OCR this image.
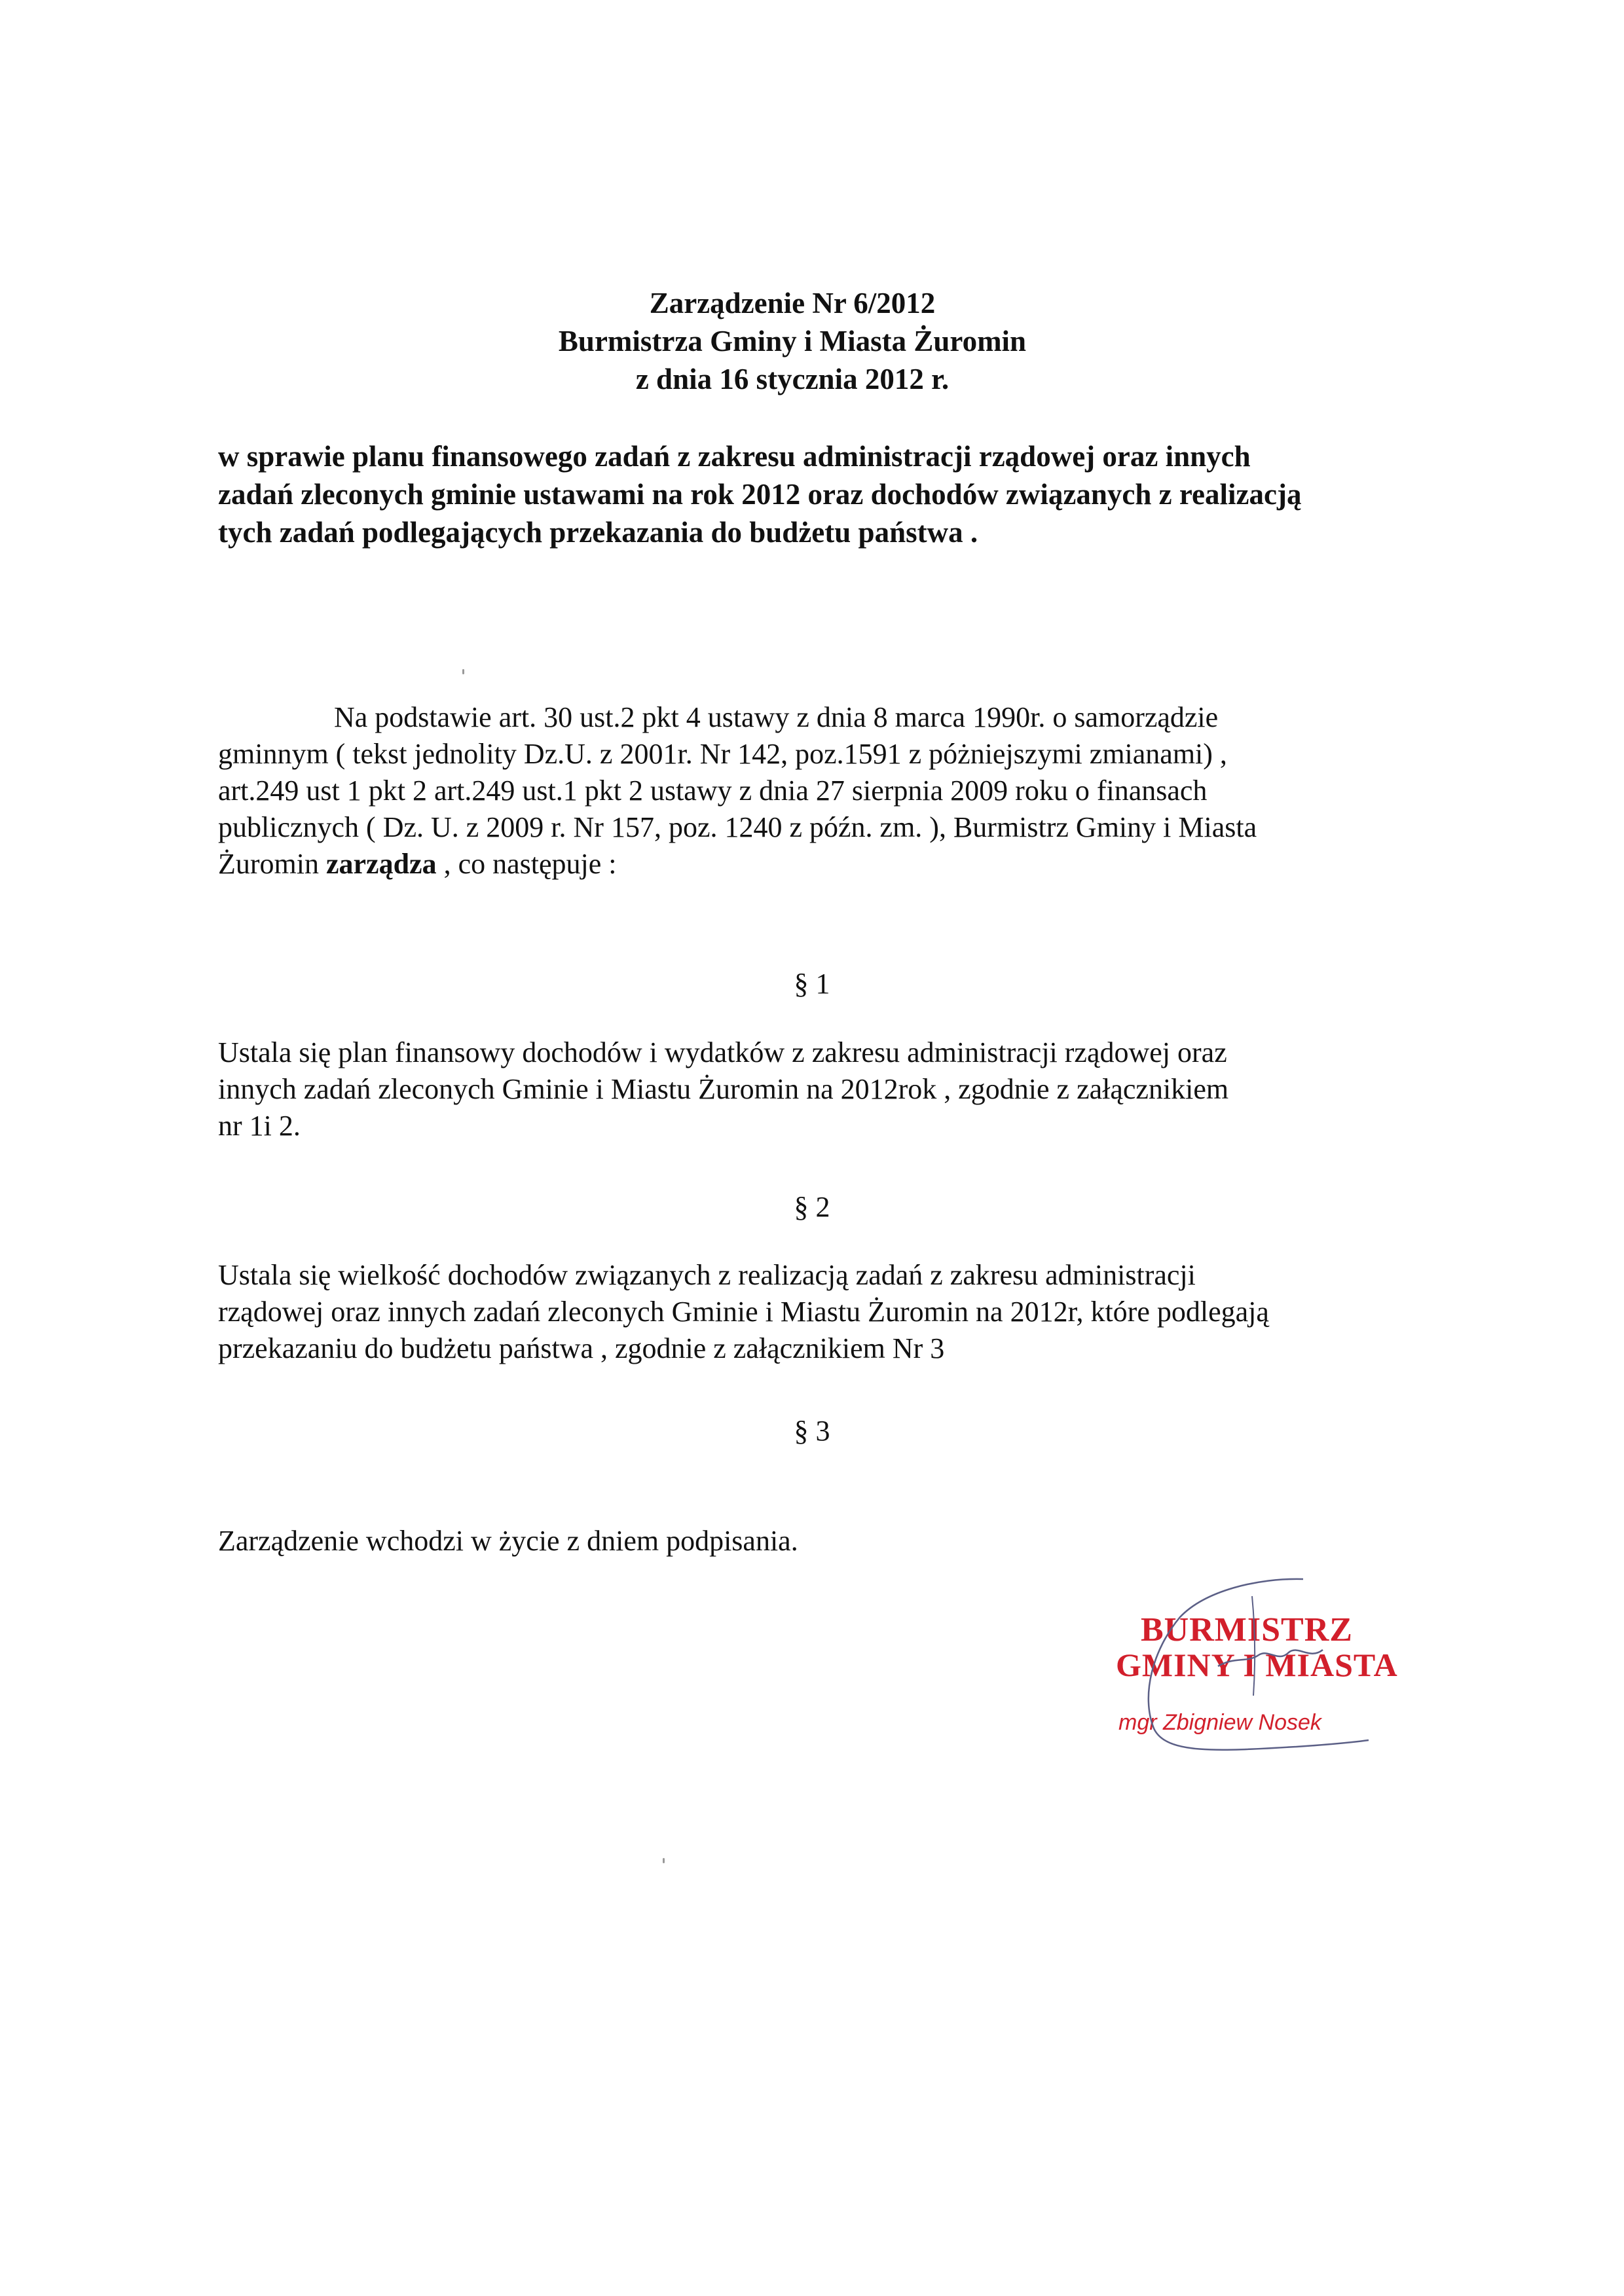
Zarządzenie Nr 6/2012
Burmistrza Gminy i Miasta Żuromin
z dnia 16 stycznia 2012 r.
w sprawie planu finansowego zadań z zakresu administracji rządowej oraz innych
zadań zleconych gminie ustawami na rok 2012 oraz dochodów związanych z realizacją
tych zadań podlegających przekazania do budżetu państwa .
Na podstawie art. 30 ust.2 pkt 4 ustawy z dnia 8 marca 1990r. o samorządzie
gminnym ( tekst jednolity Dz.U. z 2001r. Nr 142, poz.1591 z póżniejszymi zmianami) ,
art.249 ust 1 pkt 2 art.249 ust.1 pkt 2 ustawy z dnia 27 sierpnia 2009 roku o finansach
publicznych ( Dz. U. z 2009 r. Nr 157, poz. 1240 z późn. zm. ), Burmistrz Gminy i Miasta
Żuromin zarządza , co następuje :
§ 1
Ustala się plan finansowy dochodów i wydatków z zakresu administracji rządowej oraz
innych zadań zleconych Gminie i Miastu Żuromin na 2012rok , zgodnie z załącznikiem
nr 1i 2.
§ 2
Ustala się wielkość dochodów związanych z realizacją zadań z zakresu administracji
rządowej oraz innych zadań zleconych Gminie i Miastu Żuromin na 2012r, które podlegają
przekazaniu do budżetu państwa , zgodnie z załącznikiem Nr 3
§ 3
Zarządzenie wchodzi w życie z dniem podpisania.
BURMISTRZ
GMINY I MIASTA
mgr Zbigniew Nosek
